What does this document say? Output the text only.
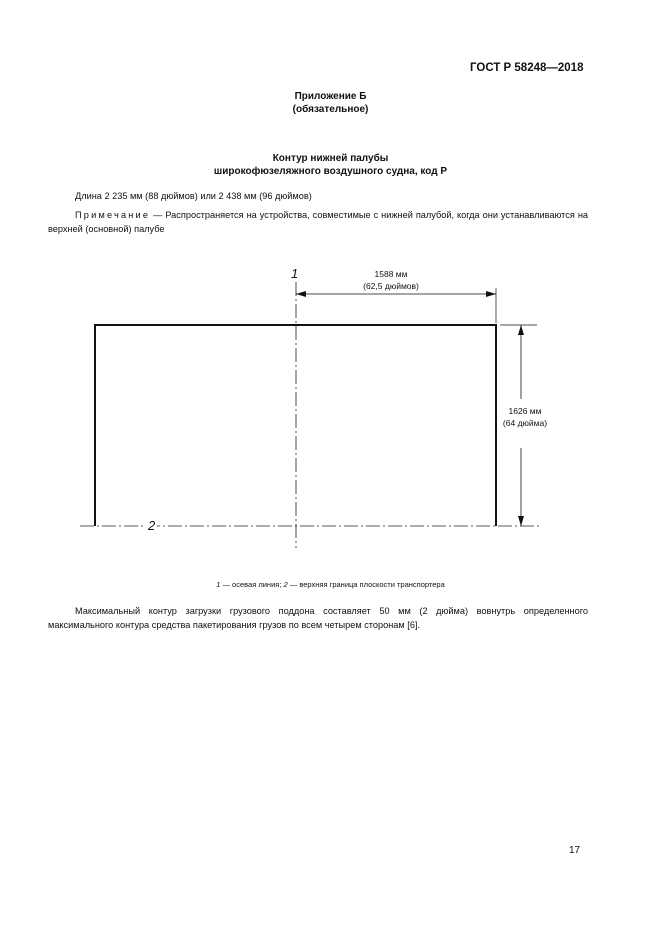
ГОСТ Р 58248—2018
Приложение Б
(обязательное)
Контур нижней палубы
широкофюзеляжного воздушного судна, код Р
Длина 2 235 мм (88 дюймов) или 2 438 мм (96 дюймов)
Примечание — Распространяется на устройства, совместимые с нижней палубой, когда они устанавливаются на верхней (основной) палубе
1
2
1588 мм
(62,5 дюймов)
1626 мм
(64 дюйма)
1 — осевая линия; 2 — верхняя граница плоскости транспортера
Максимальный контур загрузки грузового поддона составляет 50 мм (2 дюйма) вовнутрь определенного максимального контура средства пакетирования грузов по всем четырем сторонам [6].
17
